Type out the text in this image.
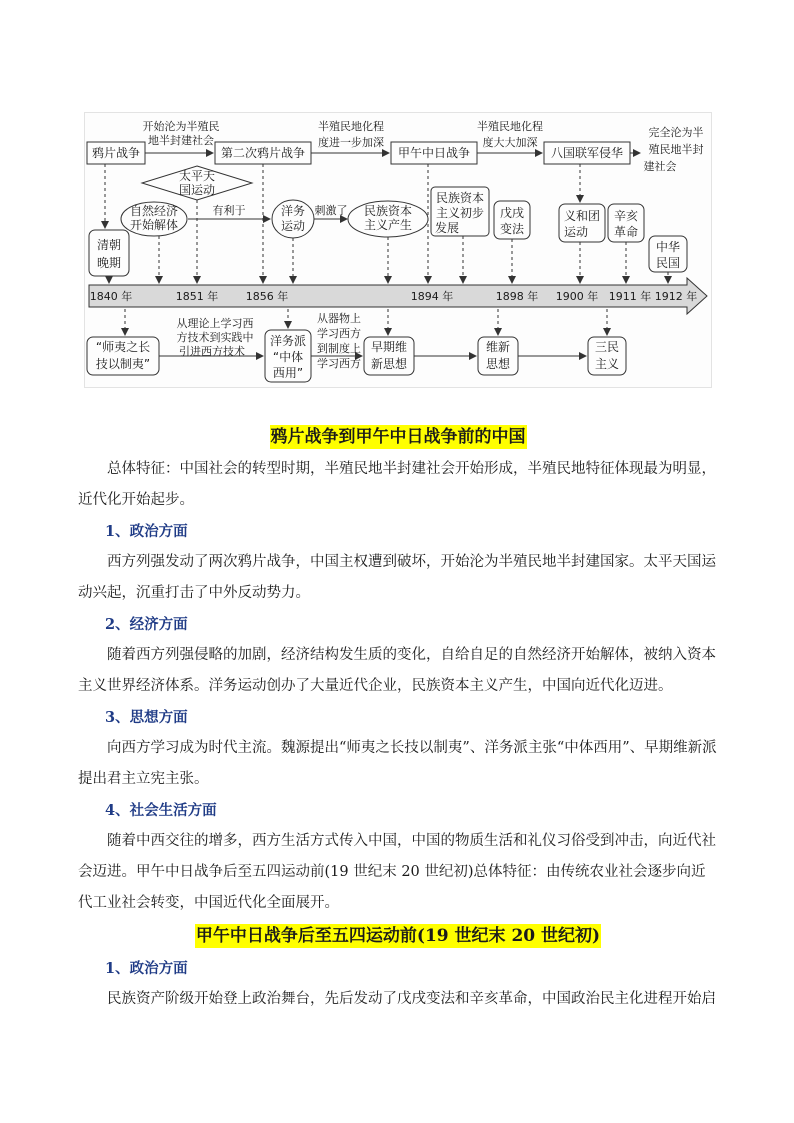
鸦片战争	第二次鸦片战争	甲午中日战争	八国联军侵华
太平天
国运动
自然经济
开始解体
洋务
运动
民族资本
主义产生
清朝
晚期
民族资本
主义初步
发展
戊戌
变法
义和团
运动
辛亥
革命
中华
民国
开始沦为半殖民
地半封建社会
半殖民地化程
度进一步加深
半殖民地化程
度大大加深
完全沦为半
殖民地半封
建社会
有利于	刺激了
从理论上学习西
方技术到实践中
引进西方技术
从器物上
学习西方
到制度上
学习西方
1840 年	1851 年	1856 年	1894 年	1898 年 1900 年 1911 年 1912 年
“师夷之长
技以制夷”
洋务派
“中体
西用”
早期维
新思想
维新
思想
三民
主义
鸦片战争到甲午中日战争前的中国

总体特征：中国社会的转型时期，半殖民地半封建社会开始形成，半殖民地特征体现最为明显，近代化开始起步。

1、政治方面

西方列强发动了两次鸦片战争，中国主权遭到破坏，开始沦为半殖民地半封建国家。太平天国运动兴起，沉重打击了中外反动势力。

2、经济方面

随着西方列强侵略的加剧，经济结构发生质的变化，自给自足的自然经济开始解体，被纳入资本主义世界经济体系。洋务运动创办了大量近代企业，民族资本主义产生，中国向近代化迈进。

3、思想方面

向西方学习成为时代主流。魏源提出“师夷之长技以制夷”、洋务派主张“中体西用”、早期维新派提出君主立宪主张。

4、社会生活方面

随着中西交往的增多，西方生活方式传入中国，中国的物质生活和礼仪习俗受到冲击，向近代社会迈进。甲午中日战争后至五四运动前(19 世纪末 20 世纪初)总体特征：由传统农业社会逐步向近代工业社会转变，中国近代化全面展开。

甲午中日战争后至五四运动前(19 世纪末 20 世纪初)
1、政治方面

民族资产阶级开始登上政治舞台，先后发动了戊戌变法和辛亥革命，中国政治民主化进程开始启
